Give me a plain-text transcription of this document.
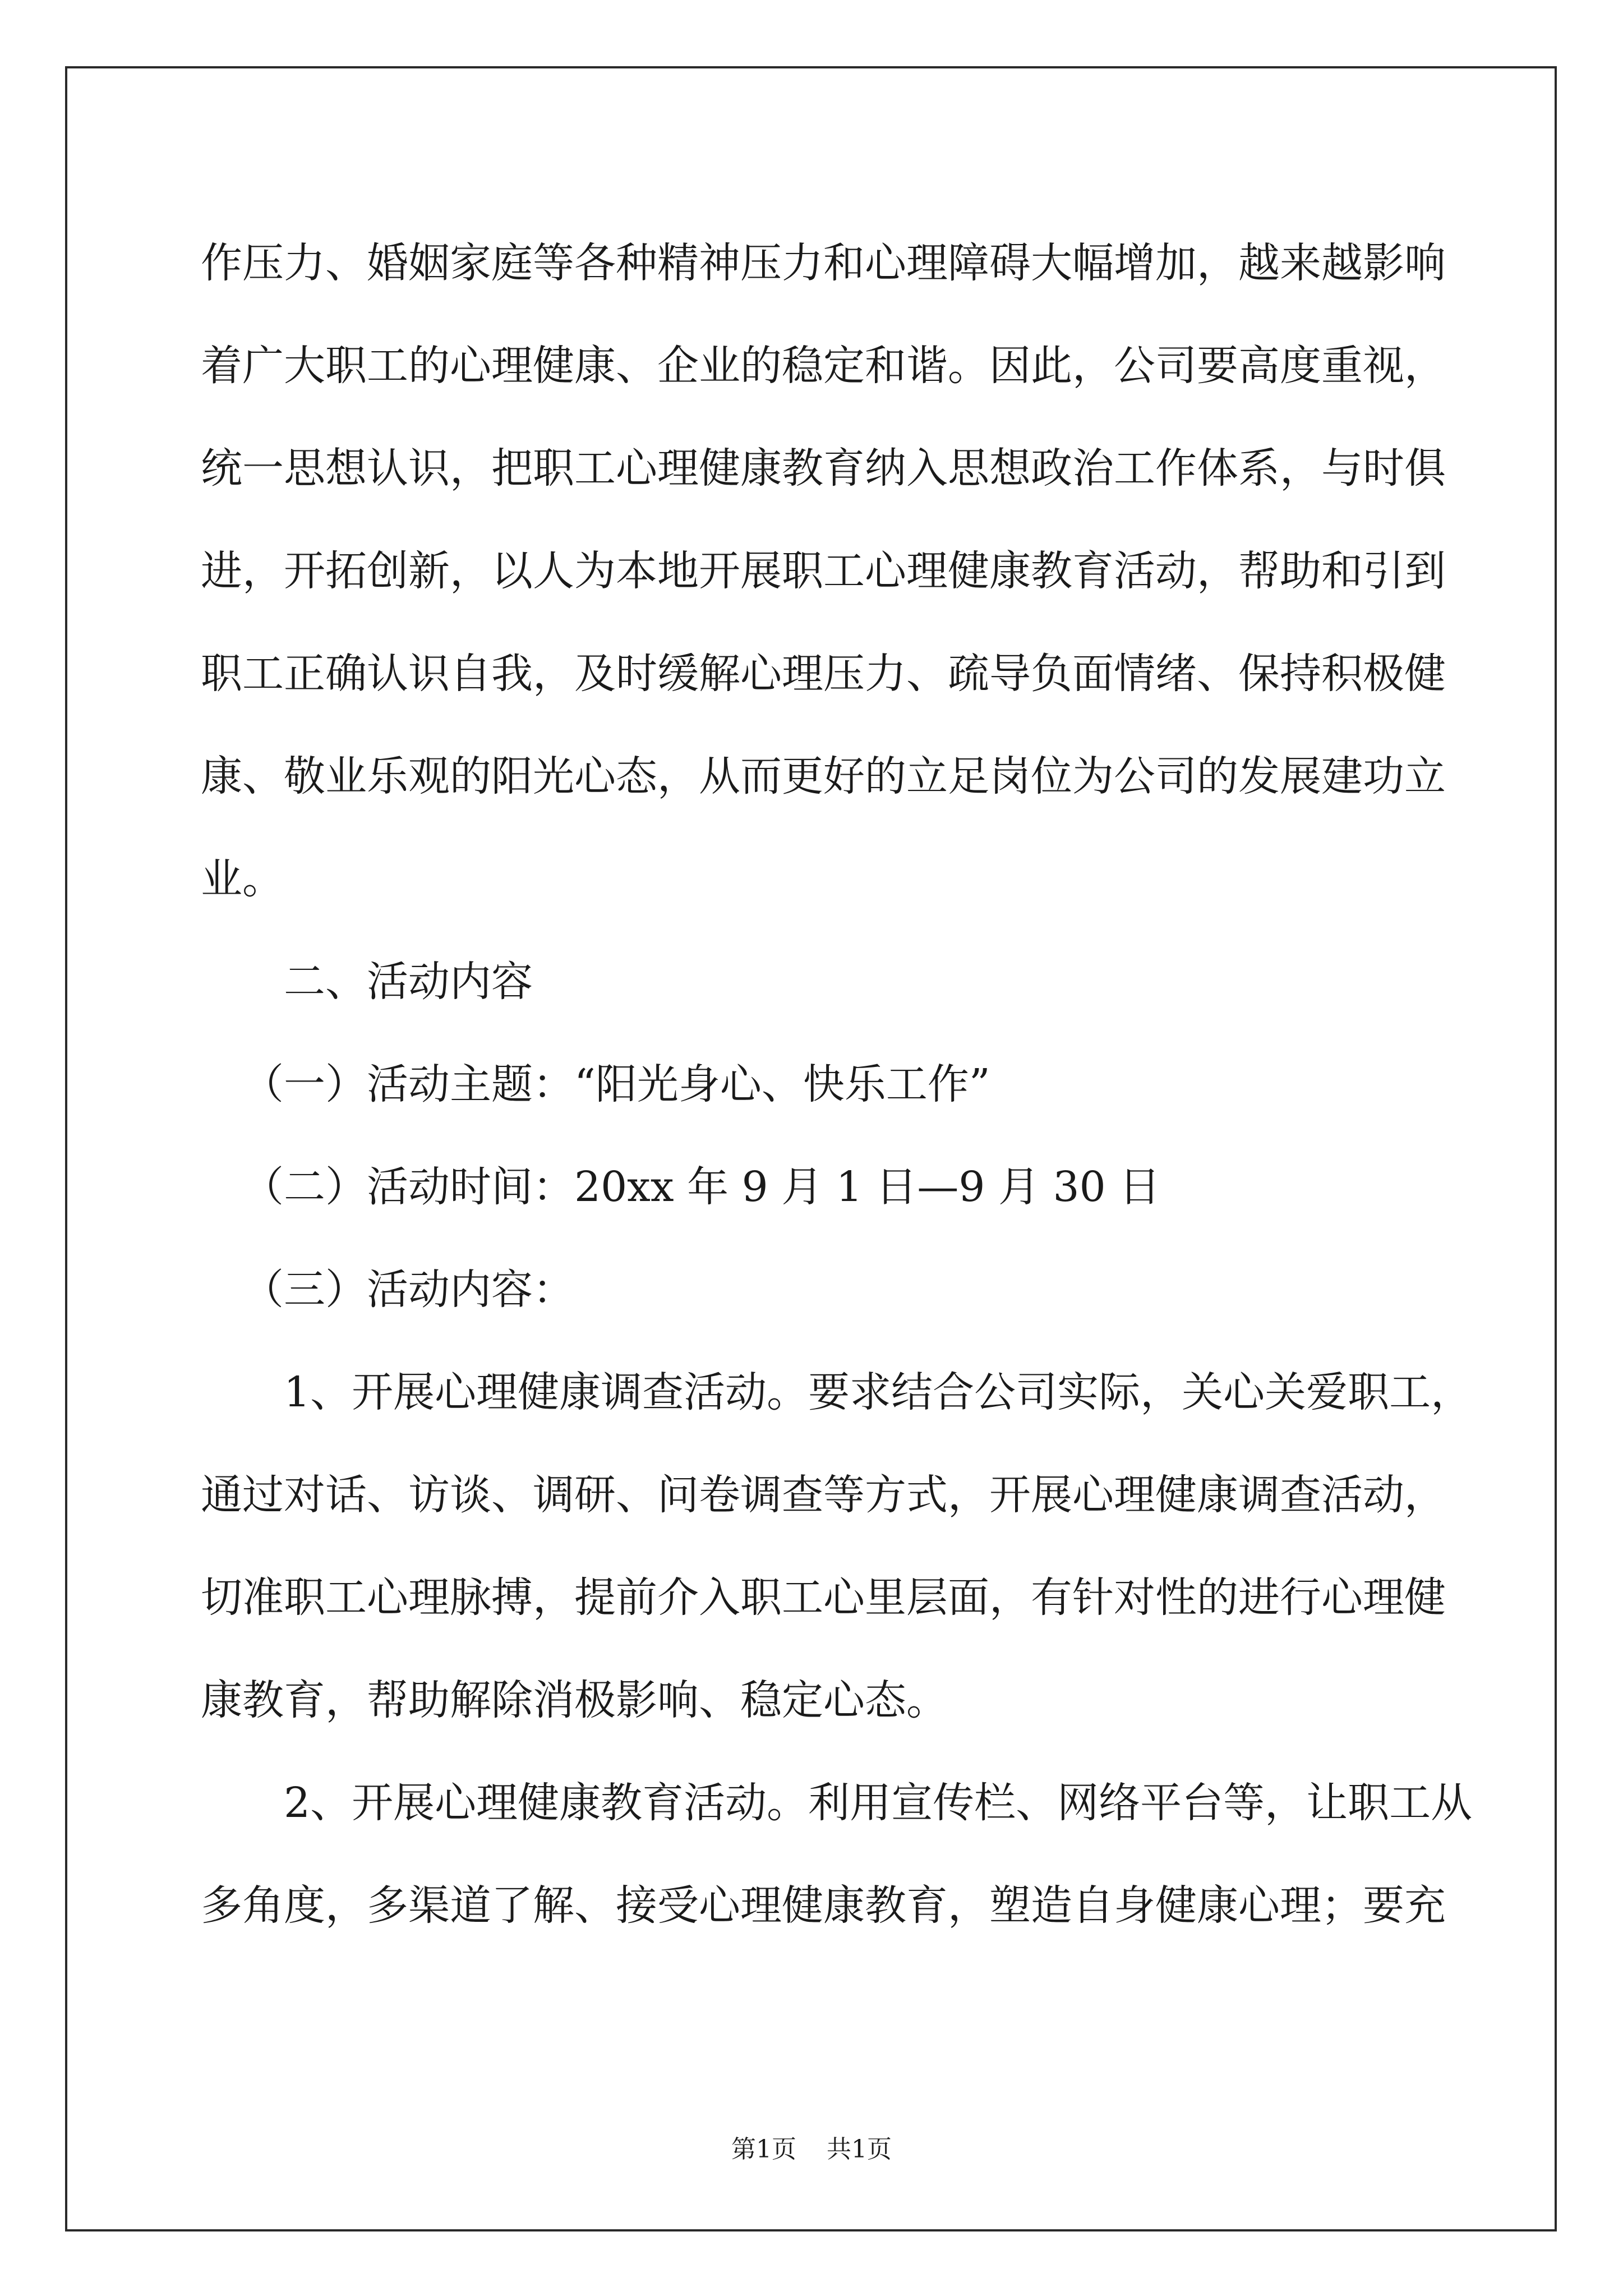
作压力、婚姻家庭等各种精神压力和心理障碍大幅增加，越来越影响
着广大职工的心理健康、企业的稳定和谐。因此，公司要高度重视，
统一思想认识，把职工心理健康教育纳入思想政治工作体系，与时俱
进，开拓创新，以人为本地开展职工心理健康教育活动，帮助和引到
职工正确认识自我，及时缓解心理压力、疏导负面情绪、保持积极健
康、敬业乐观的阳光心态，从而更好的立足岗位为公司的发展建功立
业。
二、活动内容
（一）活动主题：“阳光身心、快乐工作”
（二）活动时间：20xx 年 9 月 1 日—9 月 30 日
（三）活动内容：
1、开展心理健康调查活动。要求结合公司实际，关心关爱职工，
通过对话、访谈、调研、问卷调查等方式，开展心理健康调查活动，
切准职工心理脉搏，提前介入职工心里层面，有针对性的进行心理健
康教育，帮助解除消极影响、稳定心态。
2、开展心理健康教育活动。利用宣传栏、网络平台等，让职工从
多角度，多渠道了解、接受心理健康教育，塑造自身健康心理；要充
第1页 共1页
